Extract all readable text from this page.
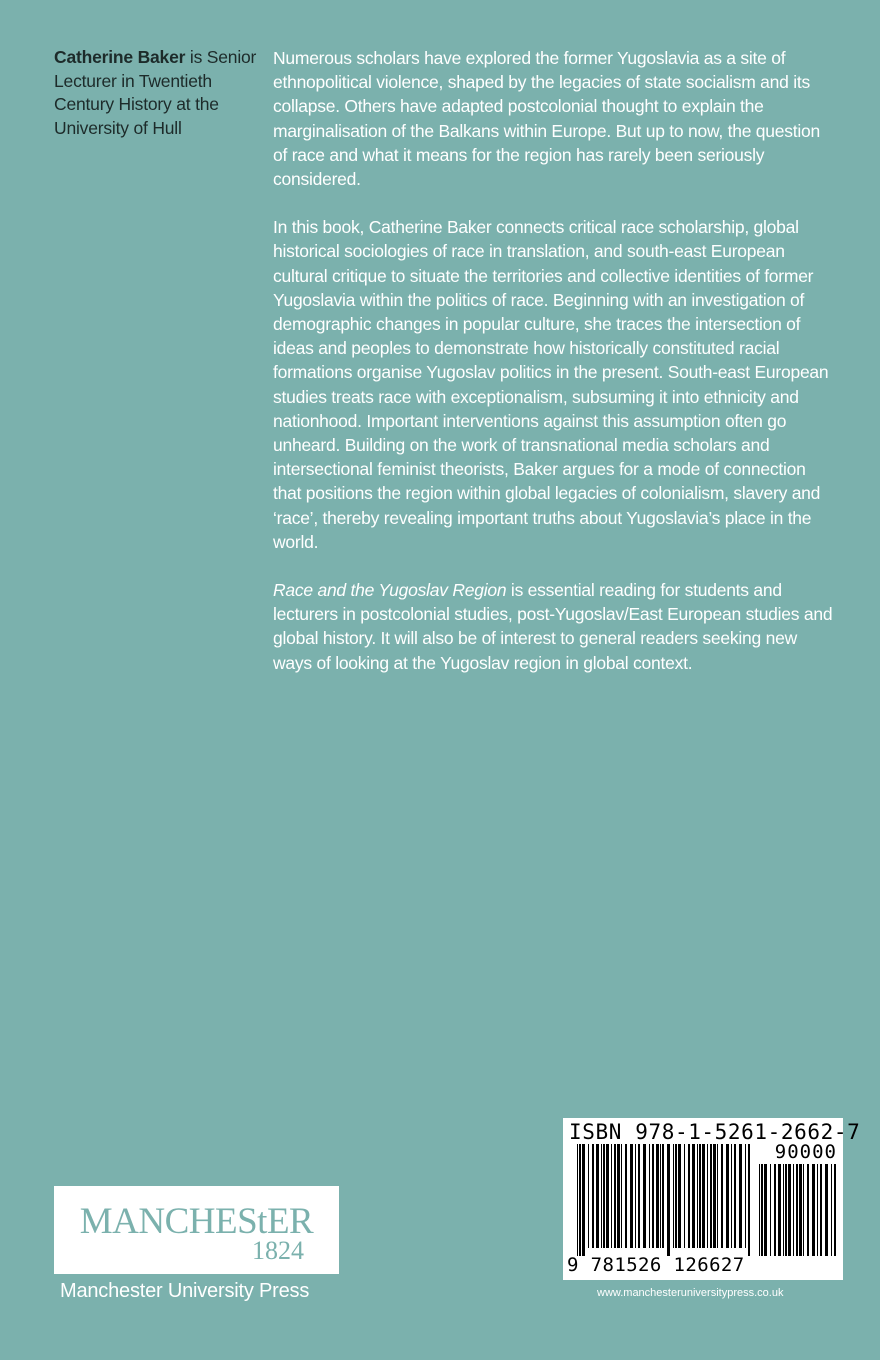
Catherine Baker is Senior Lecturer in Twentieth Century History at the University of Hull

Numerous scholars have explored the former Yugoslavia as a site of ethnopolitical violence, shaped by the legacies of state socialism and its collapse. Others have adapted postcolonial thought to explain the marginalisation of the Balkans within Europe. But up to now, the question of race and what it means for the region has rarely been seriously considered.

In this book, Catherine Baker connects critical race scholarship, global historical sociologies of race in translation, and south-east European cultural critique to situate the territories and collective identities of former Yugoslavia within the politics of race. Beginning with an investigation of demographic changes in popular culture, she traces the intersection of ideas and peoples to demonstrate how historically constituted racial formations organise Yugoslav politics in the present. South-east European studies treats race with exceptionalism, subsuming it into ethnicity and nationhood. Important interventions against this assumption often go unheard. Building on the work of transnational media scholars and intersectional feminist theorists, Baker argues for a mode of connection that positions the region within global legacies of colonialism, slavery and ‘race’, thereby revealing important truths about Yugoslavia’s place in the world.

Race and the Yugoslav Region is essential reading for students and lecturers in postcolonial studies, post-Yugoslav/East European studies and global history. It will also be of interest to general readers seeking new ways of looking at the Yugoslav region in global context.

MANCHEStER
1824
Manchester University Press
ISBN 978-1-5261-2662-7
90000
9 781526 126627
www.manchesteruniversitypress.co.uk
